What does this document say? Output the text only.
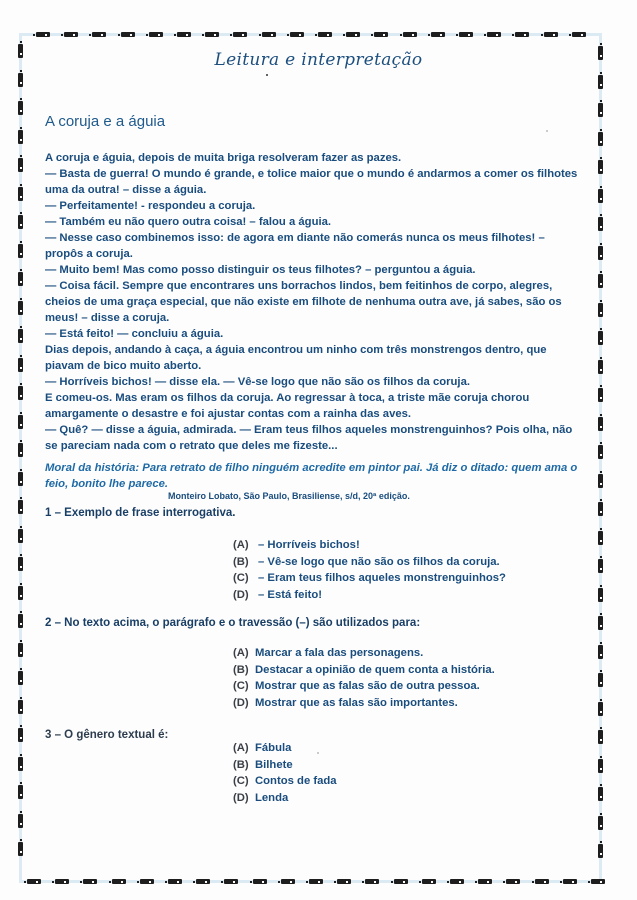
Leitura e interpretação
A coruja e a águia

A coruja e águia, depois de muita briga resolveram fazer as pazes.

— Basta de guerra! O mundo é grande, e tolice maior que o mundo é andarmos a comer os filhotes uma da outra! – disse a águia.

— Perfeitamente! - respondeu a coruja.

— Também eu não quero outra coisa! – falou a águia.

— Nesse caso combinemos isso: de agora em diante não comerás nunca os meus filhotes! – propôs a coruja.

— Muito bem! Mas como posso distinguir os teus filhotes? – perguntou a águia.

— Coisa fácil. Sempre que encontrares uns borrachos lindos, bem feitinhos de corpo, alegres, cheios de uma graça especial, que não existe em filhote de nenhuma outra ave, já sabes, são os meus! – disse a coruja.

— Está feito! — concluiu a águia.

Dias depois, andando à caça, a águia encontrou um ninho com três monstrengos dentro, que piavam de bico muito aberto.

— Horríveis bichos! — disse ela. — Vê-se logo que não são os filhos da coruja.

E comeu-os. Mas eram os filhos da coruja. Ao regressar à toca, a triste mãe coruja chorou amargamente o desastre e foi ajustar contas com a rainha das aves.

— Quê? — disse a águia, admirada. — Eram teus filhos aqueles monstrenguinhos? Pois olha, não se pareciam nada com o retrato que deles me fizeste...

Moral da história: Para retrato de filho ninguém acredite em pintor pai. Já diz o ditado: quem ama o feio, bonito lhe parece.
Monteiro Lobato, São Paulo, Brasiliense, s/d, 20ª edição.
1 – Exemplo de frase interrogativa.
(A) – Horríveis bichos!
(B) – Vê-se logo que não são os filhos da coruja.
(C) – Eram teus filhos aqueles monstrenguinhos?
(D) – Está feito!
2 – No texto acima, o parágrafo e o travessão (–) são utilizados para:
(A) Marcar a fala das personagens.
(B) Destacar a opinião de quem conta a história.
(C) Mostrar que as falas são de outra pessoa.
(D) Mostrar que as falas são importantes.
3 – O gênero textual é:
(A) Fábula
(B) Bilhete
(C) Contos de fada
(D) Lenda
